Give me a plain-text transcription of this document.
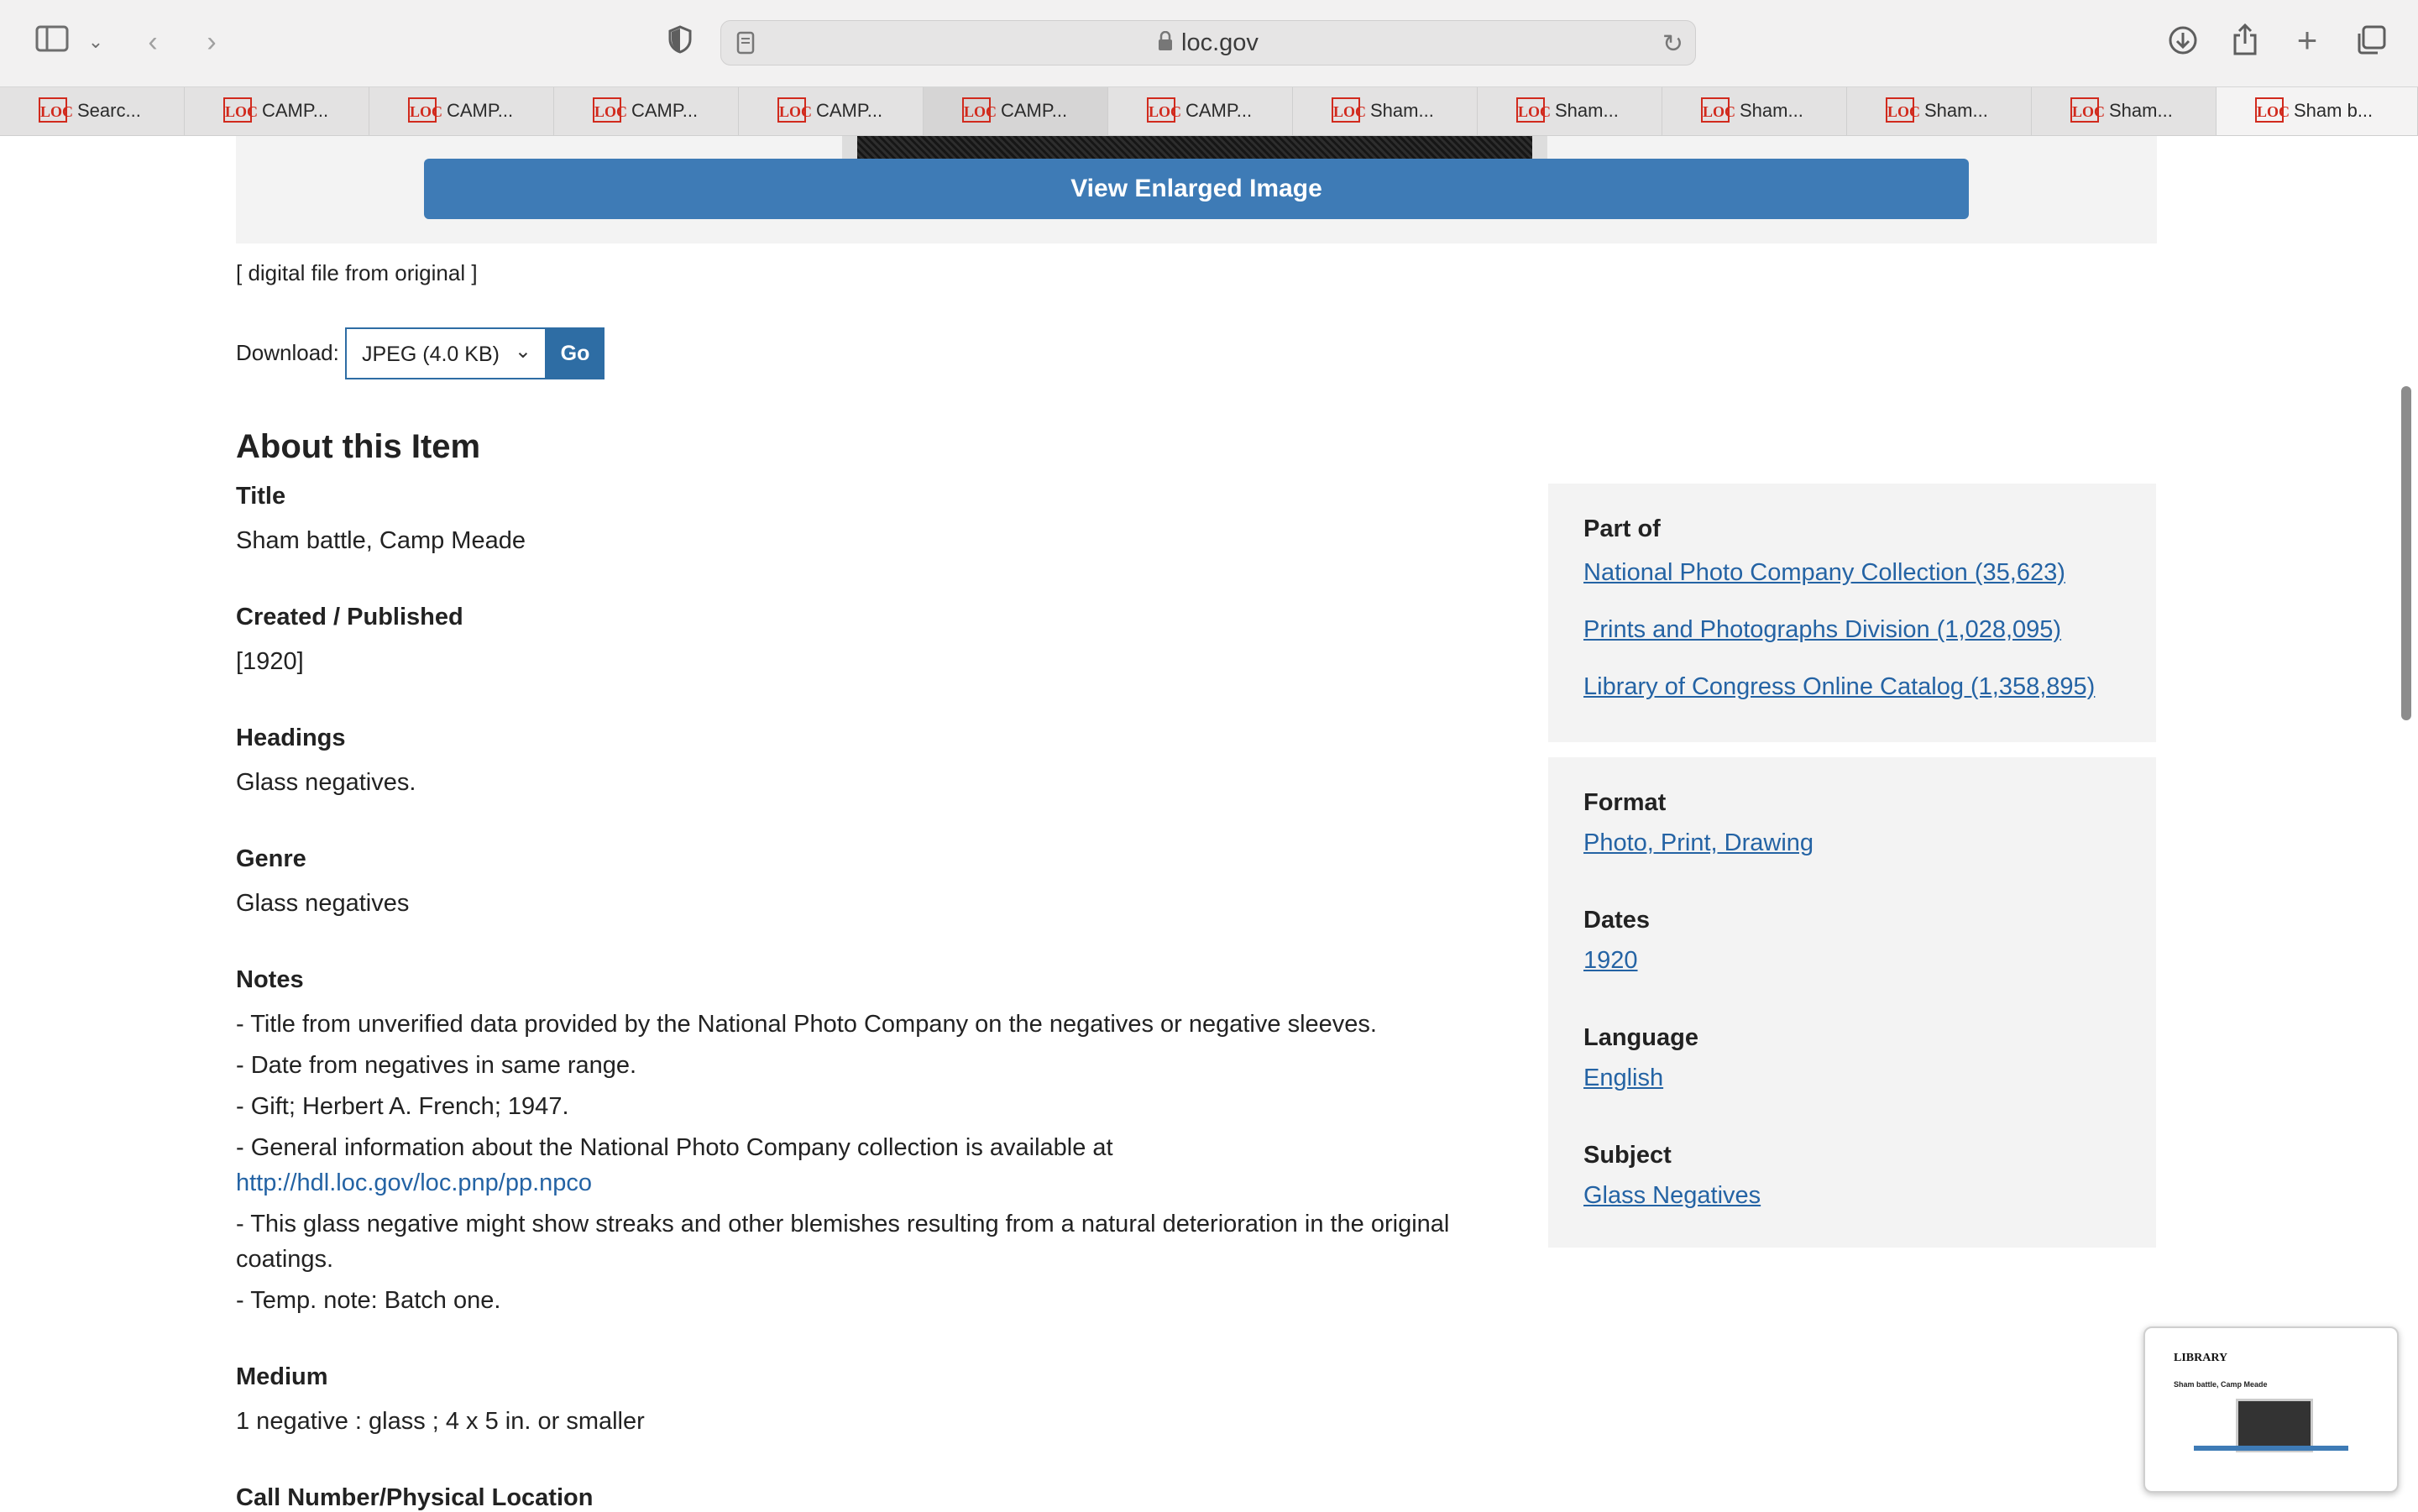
⌄	‹	›	loc.gov	↻	+
LOC Searc...	LOC CAMP...	LOC CAMP...	LOC CAMP...	LOC CAMP...	LOC CAMP...	LOC CAMP...	LOC Sham...	LOC Sham...	LOC Sham...	LOC Sham...	LOC Sham...	LOC Sham b...
View Enlarged Image
[ digital file from original ]
Download: JPEG (4.0 KB) ⌄	Go
About this Item
Title
Sham battle, Camp Meade
Created / Published
[1920]
Headings
Glass negatives.
Genre
Glass negatives
Notes
- Title from unverified data provided by the National Photo Company on the negatives or negative sleeves.
- Date from negatives in same range.
- Gift; Herbert A. French; 1947.
- General information about the National Photo Company collection is available at
http://hdl.loc.gov/loc.pnp/pp.npco
- This glass negative might show streaks and other blemishes resulting from a natural deterioration in the original coatings.
- Temp. note: Batch one.
Medium
1 negative : glass ; 4 x 5 in. or smaller
Call Number/Physical Location
Part of
National Photo Company Collection (35,623)
Prints and Photographs Division (1,028,095)
Library of Congress Online Catalog (1,358,895)
Format
Photo, Print, Drawing
Dates
1920
Language
English
Subject
Glass Negatives
LIBRARY
Sham battle, Camp Meade
